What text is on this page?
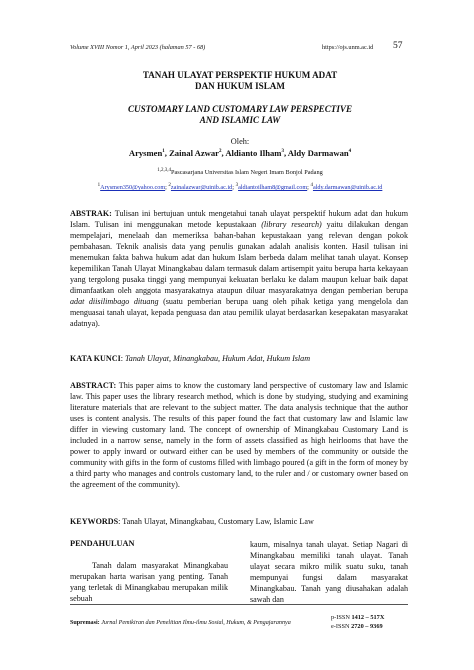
Volume XVIII Nomor 1, April 2023 (halaman 57 - 68)	https://ojs.unm.ac.id 57
TANAH ULAYAT PERSPEKTIF HUKUM ADAT
DAN HUKUM ISLAM
CUSTOMARY LAND CUSTOMARY LAW PERSPECTIVE
AND ISLAMIC LAW
Oleh:
Arysmen$^1$, Zainal Azwar$^2$, Aldianto Ilham$^3$, Aldy Darmawan$^4$
$^{1,2,3,4}$Pascasarjana Universitas Islam Negeri Imam Bonjol Padang
$^1$Arysmen350@yahoo.com; $^2$zainalazwar@uinib.ac.id; $^3$aldiantoilham8@gmail.com; $^4$aldy.darmawan@uinib.ac.id
ABSTRAK: Tulisan ini bertujuan untuk mengetahui tanah ulayat perspektif hukum adat dan hukum Islam. Tulisan ini menggunakan metode kepustakaan (library research) yaitu dilakukan dengan mempelajari, menelaah dan memeriksa bahan-bahan kepustakaan yang relevan dengan pokok pembahasan. Teknik analisis data yang penulis gunakan adalah analisis konten. Hasil tulisan ini menemukan fakta bahwa hukum adat dan hukum Islam berbeda dalam melihat tanah ulayat. Konsep kepemilikan Tanah Ulayat Minangkabau dalam termasuk dalam artisempit yaitu berupa harta kekayaan yang tergolong pusaka tinggi yang mempunyai kekuatan berlaku ke dalam maupun keluar baik dapat dimanfaatkan oleh anggota masyarakatnya ataupun diluar masyarakatnya dengan pemberian berupa adat diisilimbago dituang (suatu pemberian berupa uang oleh pihak ketiga yang mengelola dan menguasai tanah ulayat, kepada penguasa dan atau pemilik ulayat berdasarkan kesepakatan masyarakat adatnya).
KATA KUNCI: Tanah Ulayat, Minangkabau, Hukum Adat, Hukum Islam
ABSTRACT: This paper aims to know the customary land perspective of customary law and Islamic law. This paper uses the library research method, which is done by studying, studying and examining literature materials that are relevant to the subject matter. The data analysis technique that the author uses is content analysis. The results of this paper found the fact that customary law and Islamic law differ in viewing customary land. The concept of ownership of Minangkabau Customary Land is included in a narrow sense, namely in the form of assets classified as high heirlooms that have the power to apply inward or outward either can be used by members of the community or outside the community with gifts in the form of customs filled with limbago poured (a gift in the form of money by a third party who manages and controls customary land, to the ruler and / or customary owner based on the agreement of the community).
KEYWORDS: Tanah Ulayat, Minangkabau, Customary Law, Islamic Law
PENDAHULUAN
Tanah dalam masyarakat Minangkabau merupakan harta warisan yang penting. Tanah yang terletak di Minangkabau merupakan milik sebuah
kaum, misalnya tanah ulayat. Setiap Nagari di Minangkabau memiliki tanah ulayat. Tanah ulayat secara mikro milik suatu suku, tanah mempunyai fungsi dalam masyarakat Minangkabau. Tanah yang diusahakan adalah sawah dan
Supremasi: Jurnal Pemikiran dan Penelitian Ilmu-ilmu Sosial, Hukum, & Pengajarannya
p-ISSN 1412 – 517X
e-ISSN 2720 – 9369
